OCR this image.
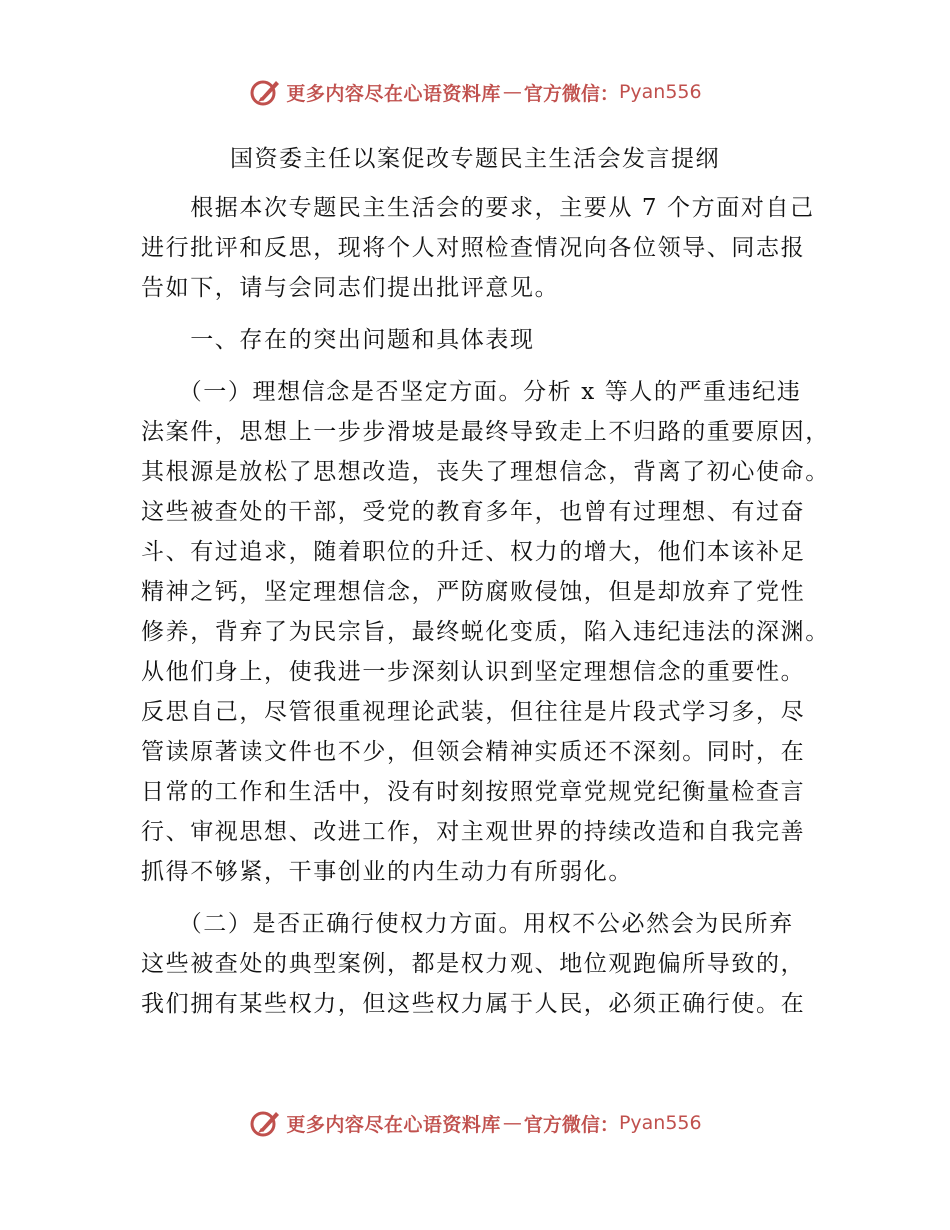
更多内容尽在心语资料库 — 官方微信： Pyan556
国资委主任以案促改专题民主生活会发言提纲
　　根据本次专题民主生活会的要求，主要从 7 个方面对自己
进行批评和反思，现将个人对照检查情况向各位领导、同志报
告如下，请与会同志们提出批评意见。
　　一、存在的突出问题和具体表现
　　（一）理想信念是否坚定方面。分析 x 等人的严重违纪违
法案件，思想上一步步滑坡是最终导致走上不归路的重要原因，
其根源是放松了思想改造，丧失了理想信念，背离了初心使命。
这些被查处的干部，受党的教育多年，也曾有过理想、有过奋
斗、有过追求，随着职位的升迁、权力的增大，他们本该补足
精神之钙，坚定理想信念，严防腐败侵蚀，但是却放弃了党性
修养，背弃了为民宗旨，最终蜕化变质，陷入违纪违法的深渊。
从他们身上，使我进一步深刻认识到坚定理想信念的重要性。
反思自己，尽管很重视理论武装，但往往是片段式学习多，尽
管读原著读文件也不少，但领会精神实质还不深刻。同时，在
日常的工作和生活中，没有时刻按照党章党规党纪衡量检查言
行、审视思想、改进工作，对主观世界的持续改造和自我完善
抓得不够紧，干事创业的内生动力有所弱化。
　　（二）是否正确行使权力方面。用权不公必然会为民所弃
这些被查处的典型案例，都是权力观、地位观跑偏所导致的，
我们拥有某些权力，但这些权力属于人民，必须正确行使。在
更多内容尽在心语资料库 — 官方微信： Pyan556
